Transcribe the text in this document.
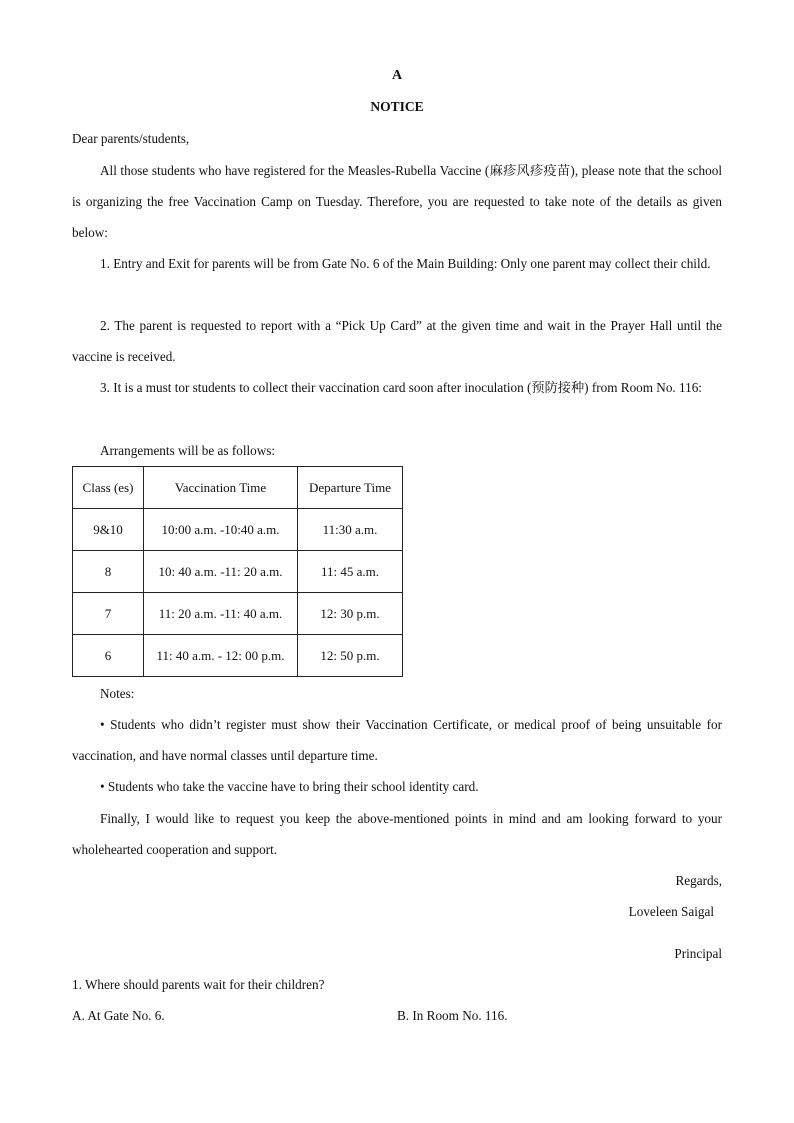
A
NOTICE
Dear parents/students,
All those students who have registered for the Measles-Rubella Vaccine (麻疹风疹疫苗), please note that the school is organizing the free Vaccination Camp on Tuesday. Therefore, you are requested to take note of the details as given below:
1. Entry and Exit for parents will be from Gate No. 6 of the Main Building: Only one parent may collect their child.
2. The parent is requested to report with a “Pick Up Card” at the given time and wait in the Prayer Hall until the vaccine is received.
3. It is a must tor students to collect their vaccination card soon after inoculation (预防接种) from Room No. 116:
Arrangements will be as follows:
Class (es)	Vaccination Time	Departure Time
9&10	10:00 a.m. -10:40 a.m.	11:30 a.m.
8	10: 40 a.m. -11: 20 a.m.	11: 45 a.m.
7	11: 20 a.m. -11: 40 a.m.	12: 30 p.m.
6	11: 40 a.m. - 12: 00 p.m.	12: 50 p.m.
Notes:
• Students who didn’t register must show their Vaccination Certificate, or medical proof of being unsuitable for vaccination, and have normal classes until departure time.
• Students who take the vaccine have to bring their school identity card.
Finally, I would like to request you keep the above-mentioned points in mind and am looking forward to your wholehearted cooperation and support.
Regards,
Loveleen Saigal
Principal
1. Where should parents wait for their children?
A. At Gate No. 6.	B. In Room No. 116.
